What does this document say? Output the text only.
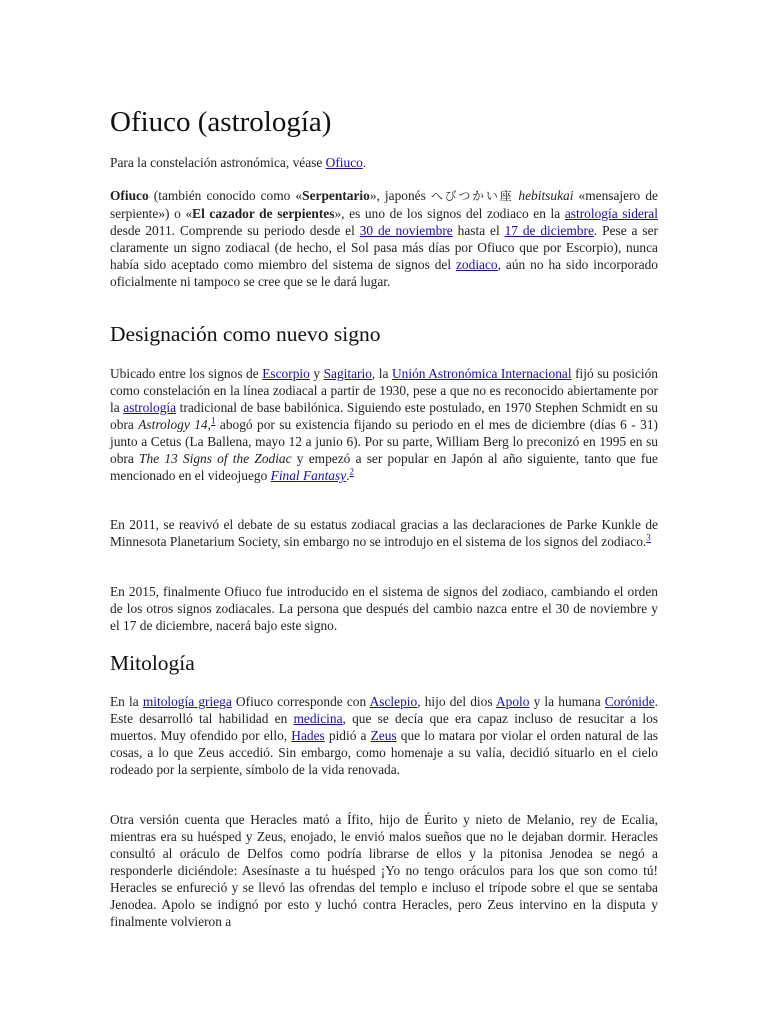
Ofiuco (astrología)

Para la constelación astronómica, véase Ofiuco.

Ofiuco (también conocido como «Serpentario», japonés へびつかい座 hebitsukai «mensajero de serpiente») o «El cazador de serpientes», es uno de los signos del zodiaco en la astrología sideral desde 2011. Comprende su periodo desde el 30 de noviembre hasta el 17 de diciembre. Pese a ser claramente un signo zodiacal (de hecho, el Sol pasa más días por Ofiuco que por Escorpio), nunca había sido aceptado como miembro del sistema de signos del zodiaco, aún no ha sido incorporado oficialmente ni tampoco se cree que se le dará lugar.

Designación como nuevo signo

Ubicado entre los signos de Escorpio y Sagitario, la Unión Astronómica Internacional fijó su posición como constelación en la línea zodiacal a partir de 1930, pese a que no es reconocido abiertamente por la astrología tradicional de base babilónica. Siguiendo este postulado, en 1970 Stephen Schmidt en su obra Astrology 14,$^1$ abogó por su existencia fijando su periodo en el mes de diciembre (días 6 - 31) junto a Cetus (La Ballena, mayo 12 a junio 6). Por su parte, William Berg lo preconizó en 1995 en su obra The 13 Signs of the Zodiac y empezó a ser popular en Japón al año siguiente, tanto que fue mencionado en el videojuego Final Fantasy.$^2$

En 2011, se reavivó el debate de su estatus zodiacal gracias a las declaraciones de Parke Kunkle de Minnesota Planetarium Society, sin embargo no se introdujo en el sistema de los signos del zodiaco.$^3$

En 2015, finalmente Ofiuco fue introducido en el sistema de signos del zodiaco, cambiando el orden de los otros signos zodiacales. La persona que después del cambio nazca entre el 30 de noviembre y el 17 de diciembre, nacerá bajo este signo.

Mitología

En la mitología griega Ofiuco corresponde con Asclepio, hijo del dios Apolo y la humana Corónide. Este desarrolló tal habilidad en medicina, que se decía que era capaz incluso de resucitar a los muertos. Muy ofendido por ello, Hades pidió a Zeus que lo matara por violar el orden natural de las cosas, a lo que Zeus accedió. Sin embargo, como homenaje a su valía, decidió situarlo en el cielo rodeado por la serpiente, símbolo de la vida renovada.

Otra versión cuenta que Heracles mató a Ífito, hijo de Éurito y nieto de Melanio, rey de Ecalia, mientras era su huésped y Zeus, enojado, le envió malos sueños que no le dejaban dormir. Heracles consultó al oráculo de Delfos como podría librarse de ellos y la pitonisa Jenodea se negó a responderle diciéndole: Asesínaste a tu huésped ¡Yo no tengo oráculos para los que son como tú! Heracles se enfureció y se llevó las ofrendas del templo e incluso el trípode sobre el que se sentaba Jenodea. Apolo se indignó por esto y luchó contra Heracles, pero Zeus intervino en la disputa y finalmente volvieron a
